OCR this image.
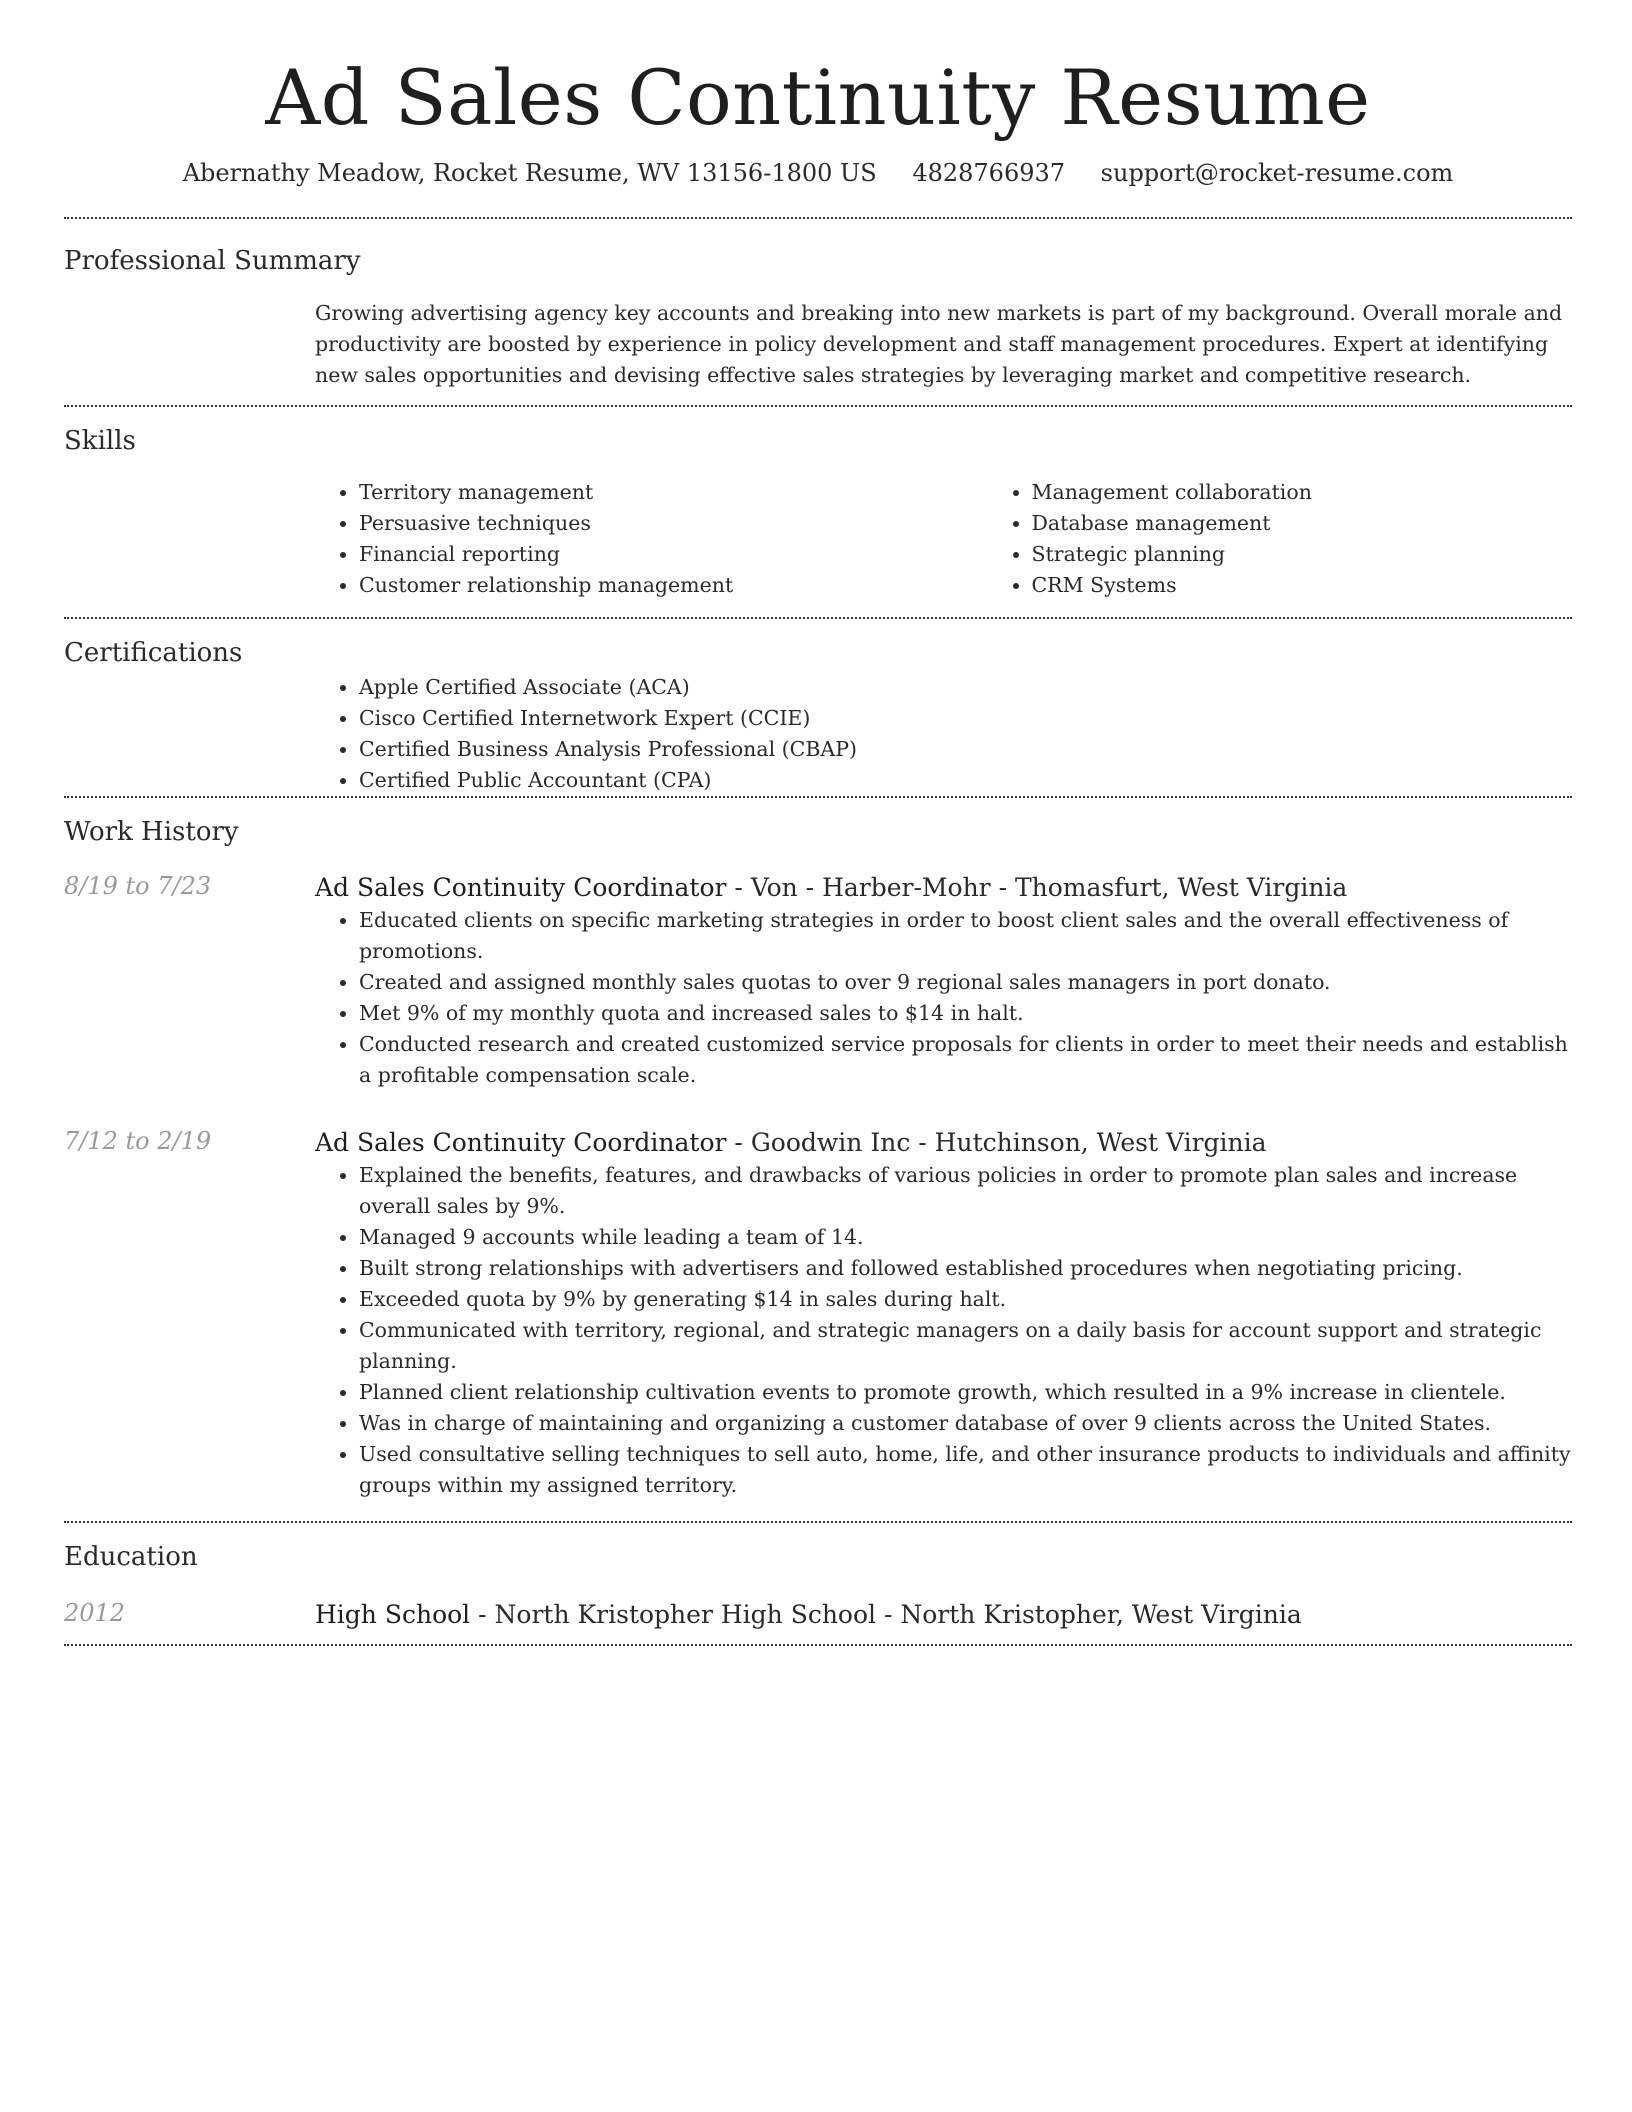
Ad Sales Continuity Resume
Abernathy Meadow, Rocket Resume, WV 13156-1800 US 4828766937 support@rocket-resume.com
Professional Summary

Growing advertising agency key accounts and breaking into new markets is part of my background. Overall morale and productivity are boosted by experience in policy development and staff management procedures. Expert at identifying new sales opportunities and devising effective sales strategies by leveraging market and competitive research.

Skills
• Territory management
• Persuasive techniques
• Financial reporting
• Customer relationship management
• Management collaboration
• Database management
• Strategic planning
• CRM Systems
Certifications
• Apple Certified Associate (ACA)
• Cisco Certified Internetwork Expert (CCIE)
• Certified Business Analysis Professional (CBAP)
• Certified Public Accountant (CPA)
Work History
8/19 to 7/23	Ad Sales Continuity Coordinator - Von - Harber-Mohr - Thomasfurt, West Virginia
• Educated clients on specific marketing strategies in order to boost client sales and the overall effectiveness of promotions.
• Created and assigned monthly sales quotas to over 9 regional sales managers in port donato.
• Met 9% of my monthly quota and increased sales to $14 in halt.
• Conducted research and created customized service proposals for clients in order to meet their needs and establish a profitable compensation scale.
7/12 to 2/19	Ad Sales Continuity Coordinator - Goodwin Inc - Hutchinson, West Virginia
• Explained the benefits, features, and drawbacks of various policies in order to promote plan sales and increase overall sales by 9%.
• Managed 9 accounts while leading a team of 14.
• Built strong relationships with advertisers and followed established procedures when negotiating pricing.
• Exceeded quota by 9% by generating $14 in sales during halt.
• Communicated with territory, regional, and strategic managers on a daily basis for account support and strategic planning.
• Planned client relationship cultivation events to promote growth, which resulted in a 9% increase in clientele.
• Was in charge of maintaining and organizing a customer database of over 9 clients across the United States.
• Used consultative selling techniques to sell auto, home, life, and other insurance products to individuals and affinity groups within my assigned territory.
Education
2012	High School - North Kristopher High School - North Kristopher, West Virginia
